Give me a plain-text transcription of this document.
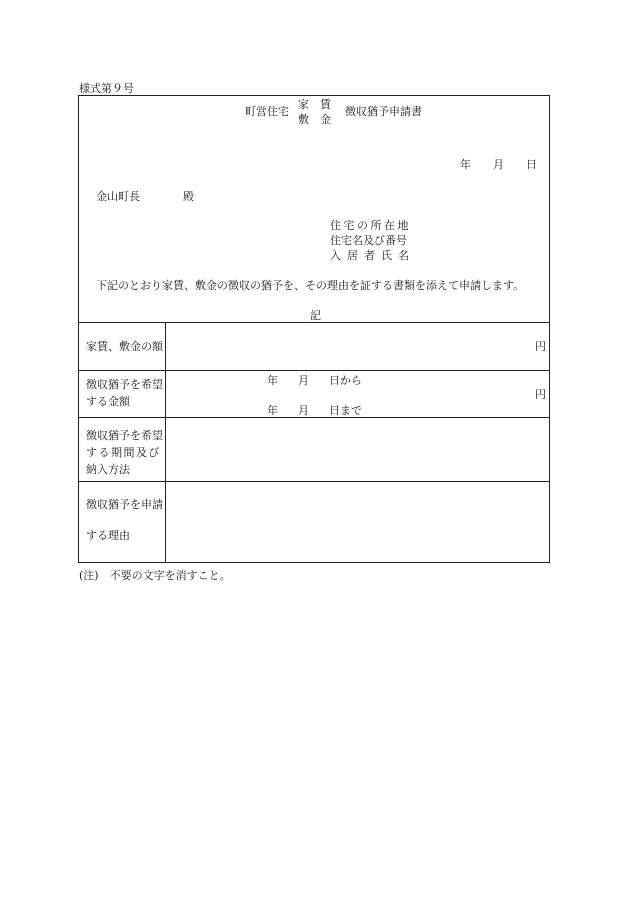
様式第９号
町営住宅
家賃
敷金
徴収猶予申請書
年 月 日
金山町長	殿
住宅の所在地
住宅名及び番号
入居者氏名
下記のとおり家賃、敷金の徴収の猶予を、その理由を証する書類を添えて申請します。
記
家賃、敷金の額	円
徴収猶予を希望
する金額
年 月 日から
年 月 日まで
円
徴収猶予を希望
する期間及び
納入方法
徴収猶予を申請
する理由
(注)　不要の文字を消すこと。
